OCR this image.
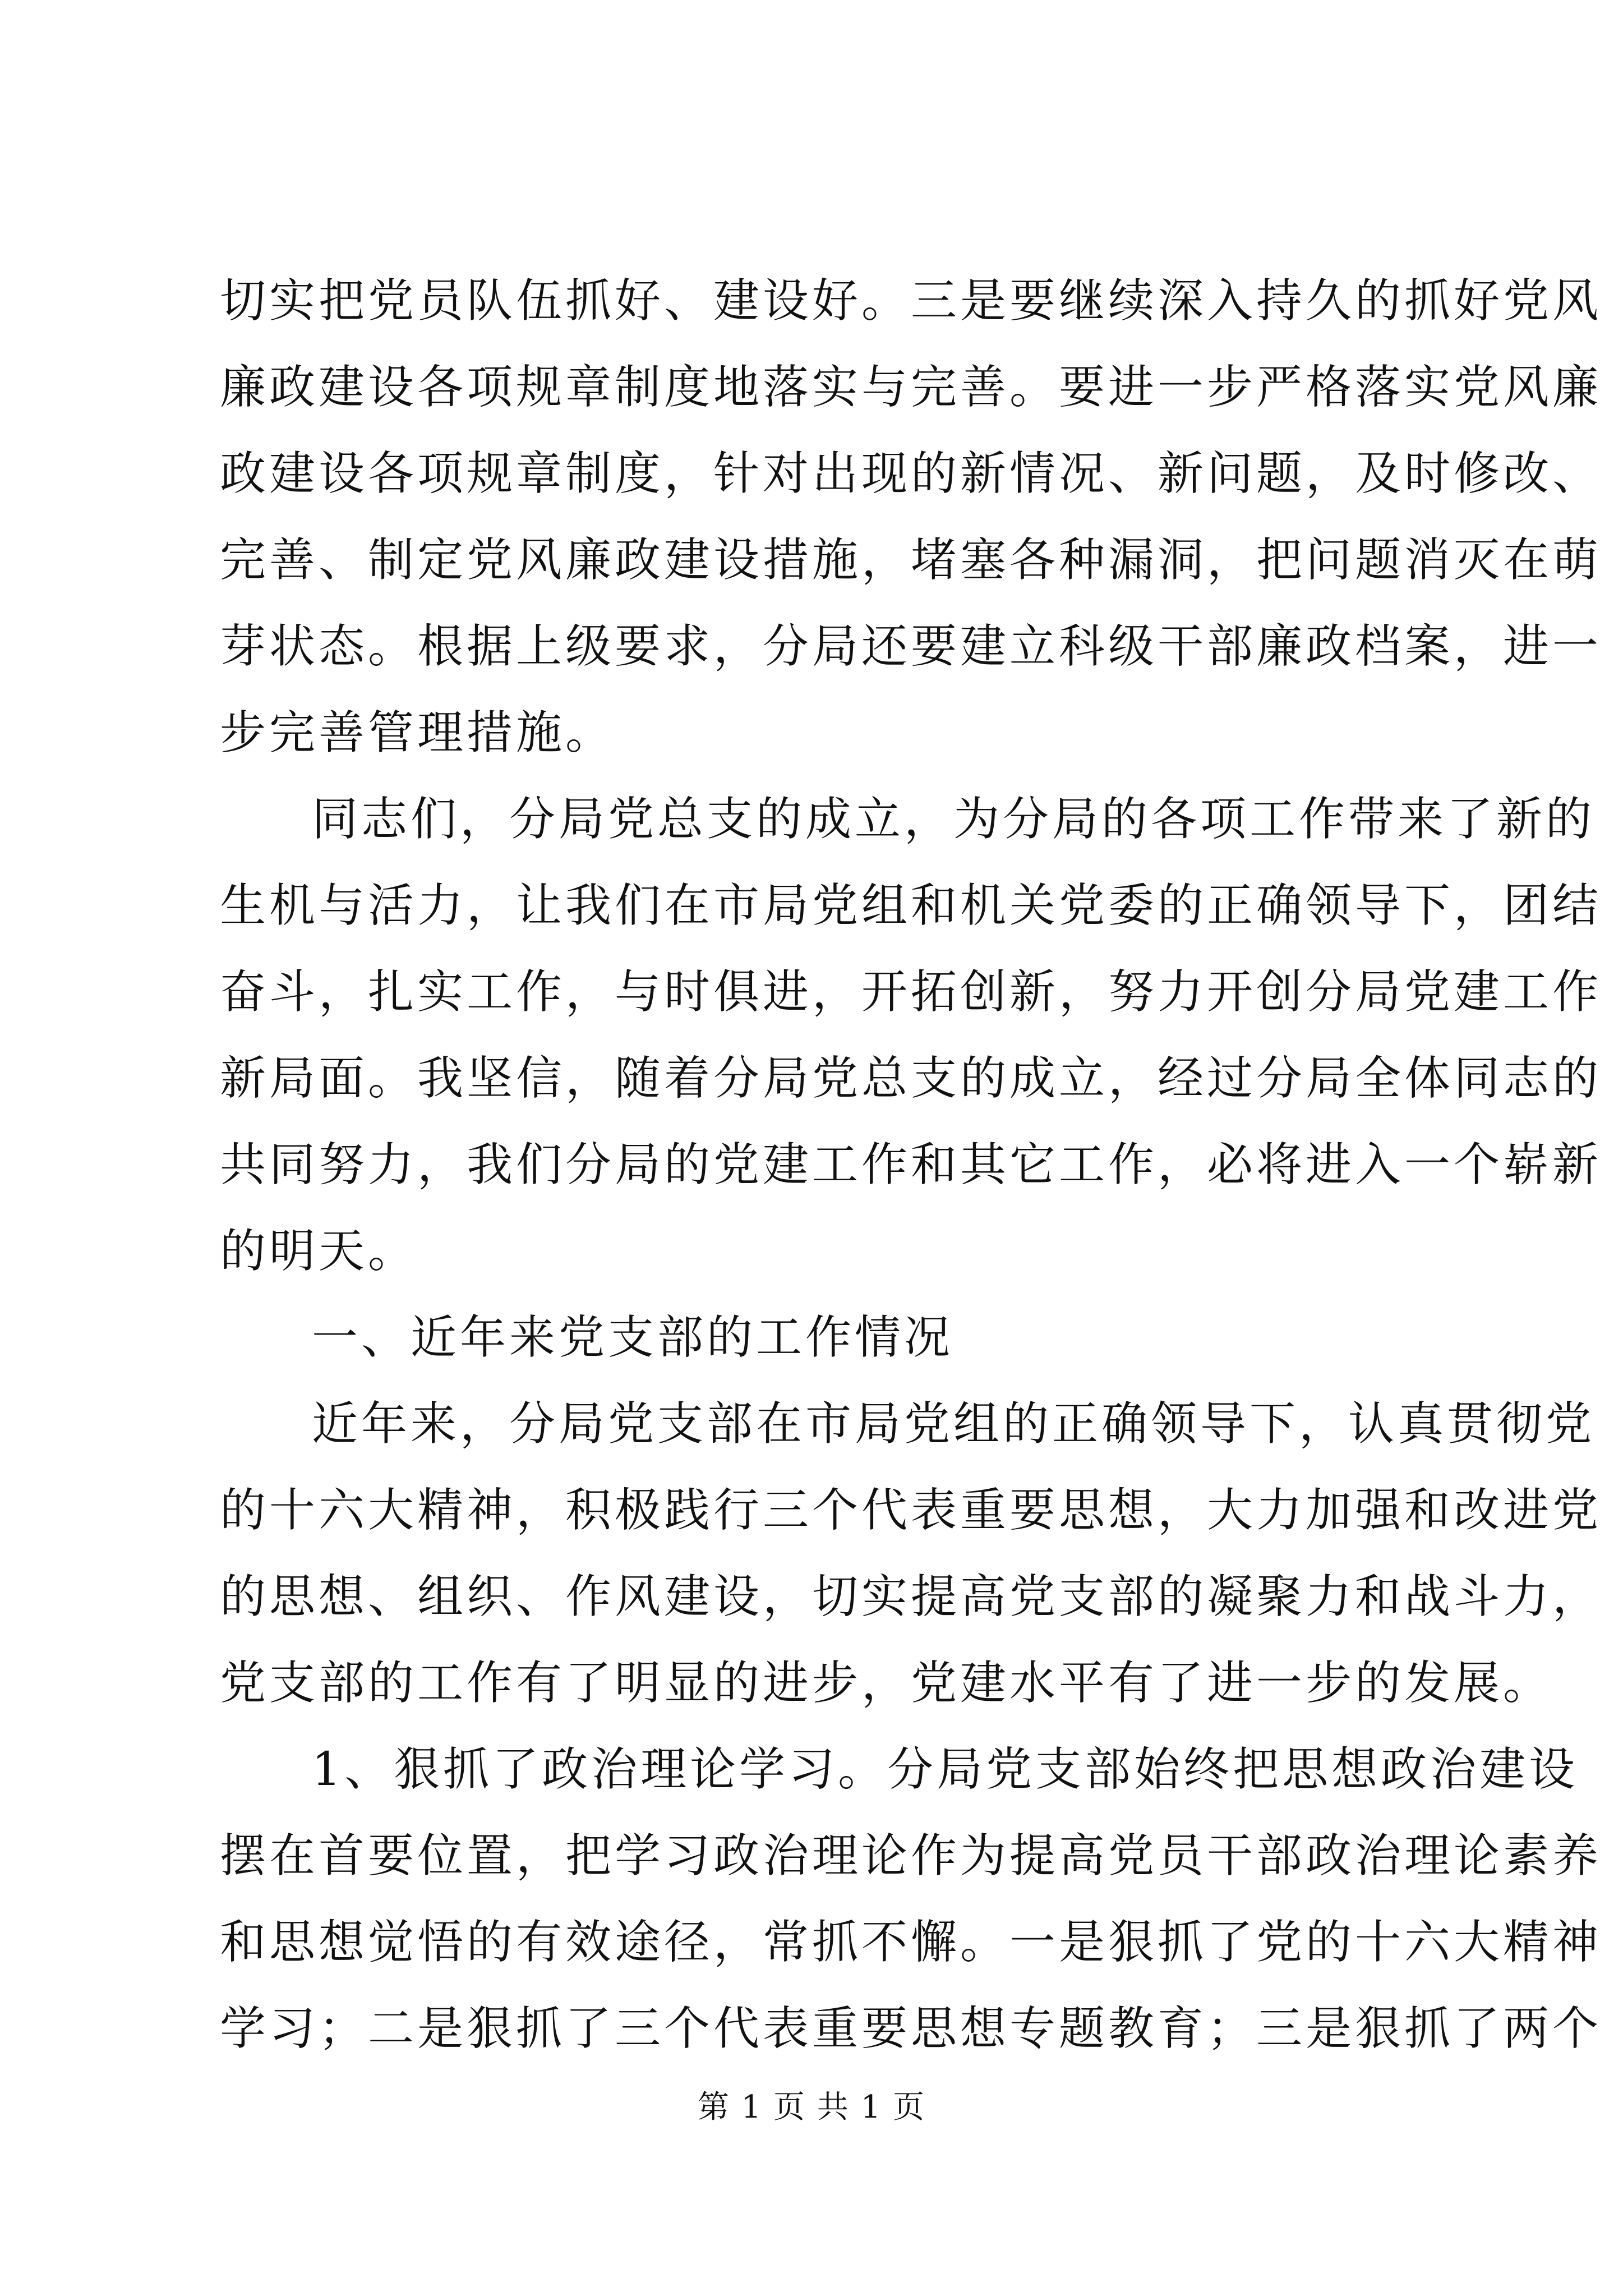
切实把党员队伍抓好、建设好。三是要继续深入持久的抓好党风
廉政建设各项规章制度地落实与完善。要进一步严格落实党风廉
政建设各项规章制度，针对出现的新情况、新问题，及时修改、
完善、制定党风廉政建设措施，堵塞各种漏洞，把问题消灭在萌
芽状态。根据上级要求，分局还要建立科级干部廉政档案，进一
步完善管理措施。
同志们，分局党总支的成立，为分局的各项工作带来了新的
生机与活力，让我们在市局党组和机关党委的正确领导下，团结
奋斗，扎实工作，与时俱进，开拓创新，努力开创分局党建工作
新局面。我坚信，随着分局党总支的成立，经过分局全体同志的
共同努力，我们分局的党建工作和其它工作，必将进入一个崭新
的明天。
一、近年来党支部的工作情况
近年来，分局党支部在市局党组的正确领导下，认真贯彻党
的十六大精神，积极践行三个代表重要思想，大力加强和改进党
的思想、组织、作风建设，切实提高党支部的凝聚力和战斗力，
党支部的工作有了明显的进步，党建水平有了进一步的发展。
1、狠抓了政治理论学习。分局党支部始终把思想政治建设
摆在首要位置，把学习政治理论作为提高党员干部政治理论素养
和思想觉悟的有效途径，常抓不懈。一是狠抓了党的十六大精神
学习；二是狠抓了三个代表重要思想专题教育；三是狠抓了两个
第 1 页 共 1 页
